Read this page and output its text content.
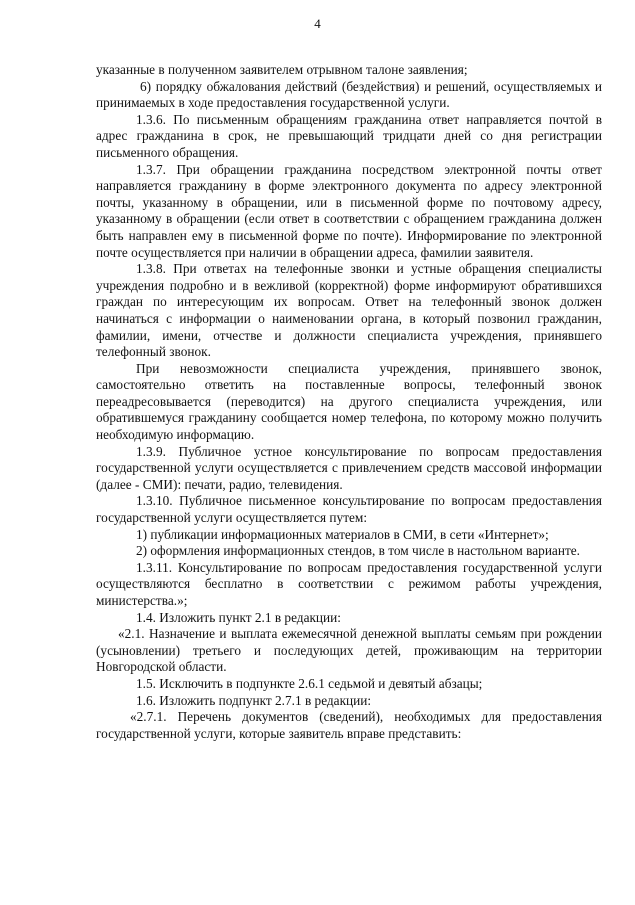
4

указанные в полученном заявителем отрывном талоне заявления;

6) порядку обжалования действий (бездействия) и решений, осуществляемых и принимаемых в ходе предоставления государственной услуги.

1.3.6. По письменным обращениям гражданина ответ направляется почтой в адрес гражданина в срок, не превышающий тридцати дней со дня регистрации письменного обращения.

1.3.7. При обращении гражданина посредством электронной почты ответ направляется гражданину в форме электронного документа по адресу электронной почты, указанному в обращении, или в письменной форме по почтовому адресу, указанному в обращении (если ответ в соответствии с обращением гражданина должен быть направлен ему в письменной форме по почте). Информирование по электронной почте осуществляется при наличии в обращении адреса, фамилии заявителя.

1.3.8. При ответах на телефонные звонки и устные обращения специалисты учреждения подробно и в вежливой (корректной) форме информируют обратившихся граждан по интересующим их вопросам. Ответ на телефонный звонок должен начинаться с информации о наименовании органа, в который позвонил гражданин, фамилии, имени, отчестве и должности специалиста учреждения, принявшего телефонный звонок.

При невозможности специалиста учреждения, принявшего звонок, самостоятельно ответить на поставленные вопросы, телефонный звонок переадресовывается (переводится) на другого специалиста учреждения, или обратившемуся гражданину сообщается номер телефона, по которому можно получить необходимую информацию.

1.3.9. Публичное устное консультирование по вопросам предоставления государственной услуги осуществляется с привлечением средств массовой информации (далее - СМИ): печати, радио, телевидения.

1.3.10. Публичное письменное консультирование по вопросам предоставления государственной услуги осуществляется путем:

1) публикации информационных материалов в СМИ, в сети «Интернет»;

2) оформления информационных стендов, в том числе в настольном варианте.

1.3.11. Консультирование по вопросам предоставления государственной услуги осуществляются бесплатно в соответствии с режимом работы учреждения, министерства.»;

1.4. Изложить пункт 2.1 в редакции:

«2.1. Назначение и выплата ежемесячной денежной выплаты семьям при рождении (усыновлении) третьего и последующих детей, проживающим на территории Новгородской области.

1.5. Исключить в подпункте 2.6.1 седьмой и девятый абзацы;

1.6. Изложить подпункт 2.7.1 в редакции:

«2.7.1. Перечень документов (сведений), необходимых для предоставления государственной услуги, которые заявитель вправе представить:
